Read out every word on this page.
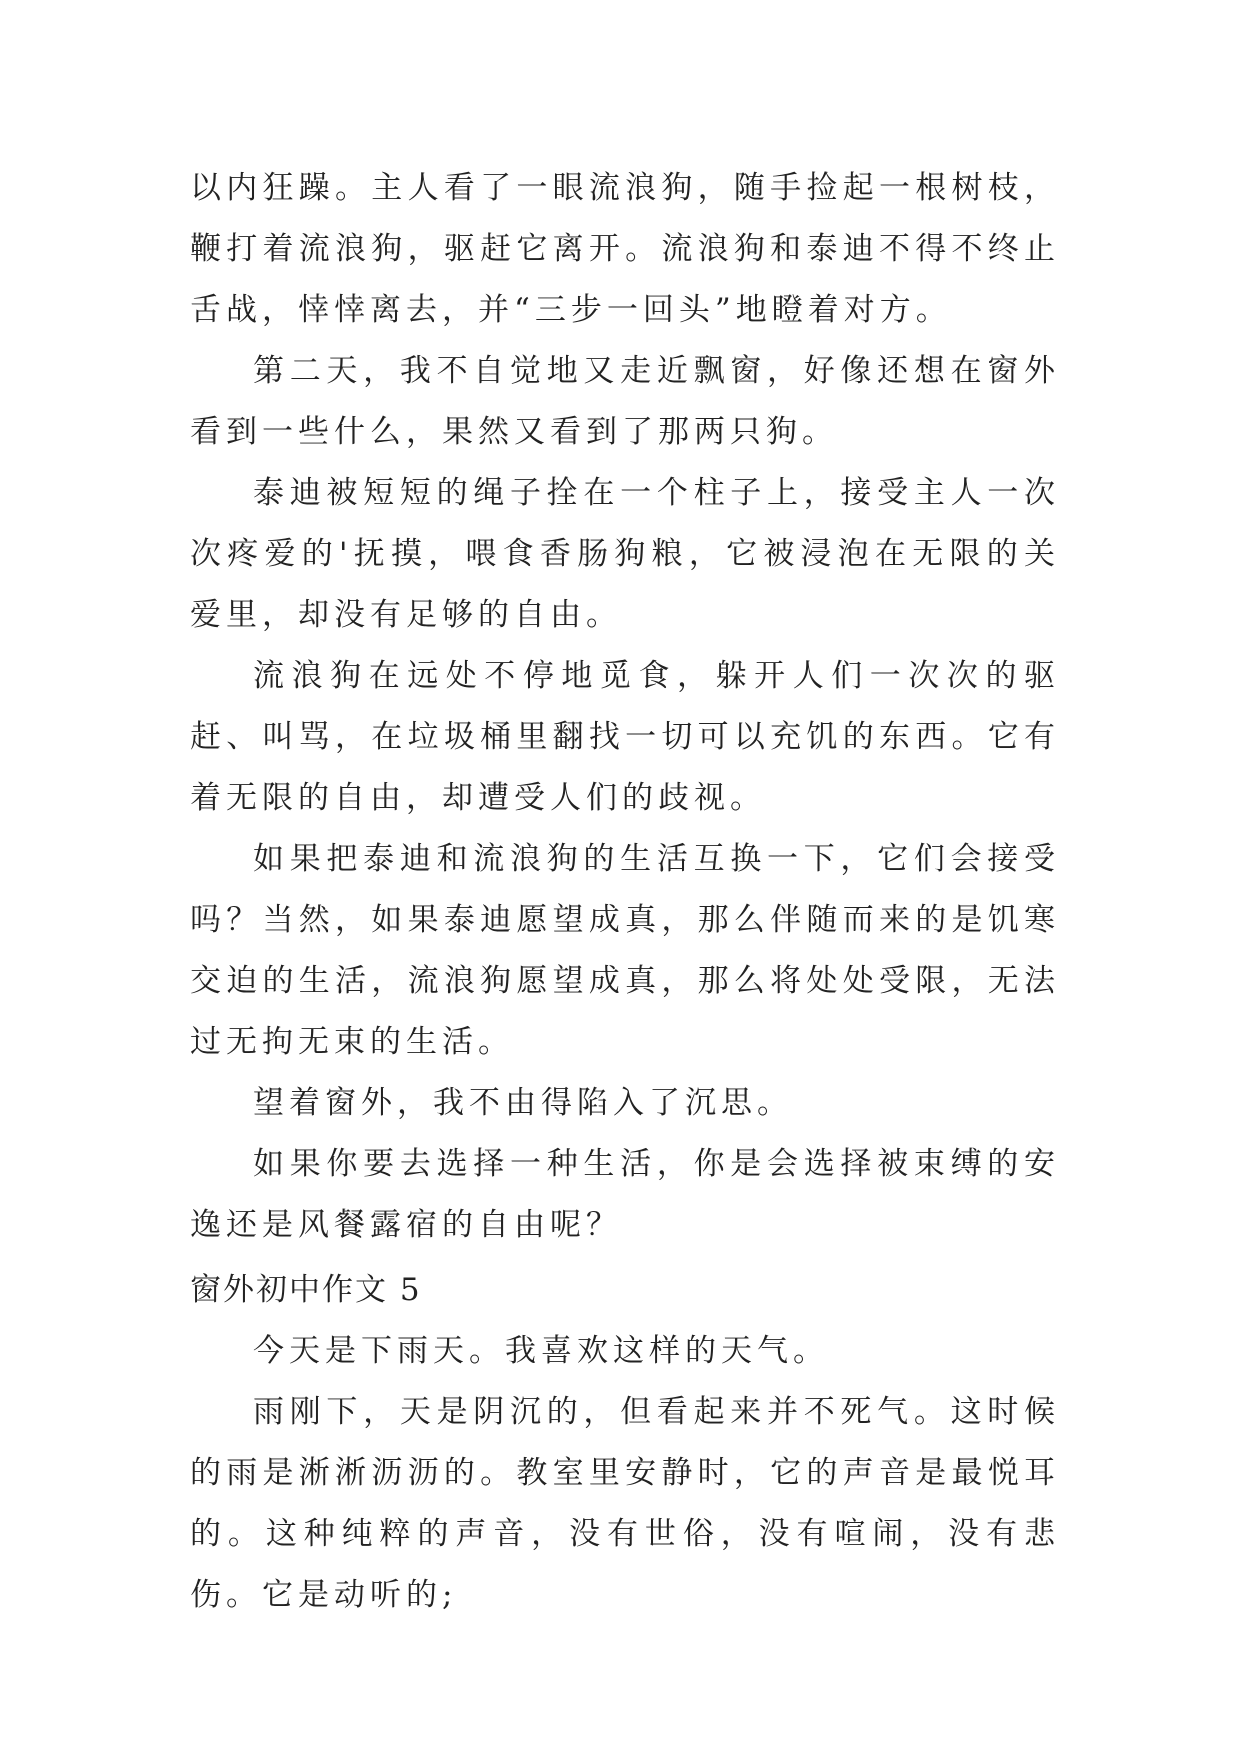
以内狂躁。主人看了一眼流浪狗，随手捡起一根树枝，鞭打着流浪狗，驱赶它离开。流浪狗和泰迪不得不终止舌战，悻悻离去，并“三步一回头”地瞪着对方。

第二天，我不自觉地又走近飘窗，好像还想在窗外看到一些什么，果然又看到了那两只狗。

泰迪被短短的绳子拴在一个柱子上，接受主人一次次疼爱的'抚摸，喂食香肠狗粮，它被浸泡在无限的关爱里，却没有足够的自由。

流浪狗在远处不停地觅食，躲开人们一次次的驱赶、叫骂，在垃圾桶里翻找一切可以充饥的东西。它有着无限的自由，却遭受人们的歧视。

如果把泰迪和流浪狗的生活互换一下，它们会接受吗？当然，如果泰迪愿望成真，那么伴随而来的是饥寒交迫的生活，流浪狗愿望成真，那么将处处受限，无法过无拘无束的生活。

望着窗外，我不由得陷入了沉思。

如果你要去选择一种生活，你是会选择被束缚的安逸还是风餐露宿的自由呢？

窗外初中作文 5

今天是下雨天。我喜欢这样的天气。

雨刚下，天是阴沉的，但看起来并不死气。这时候的雨是淅淅沥沥的。教室里安静时，它的声音是最悦耳的。这种纯粹的声音，没有世俗，没有喧闹，没有悲伤。它是动听的;
